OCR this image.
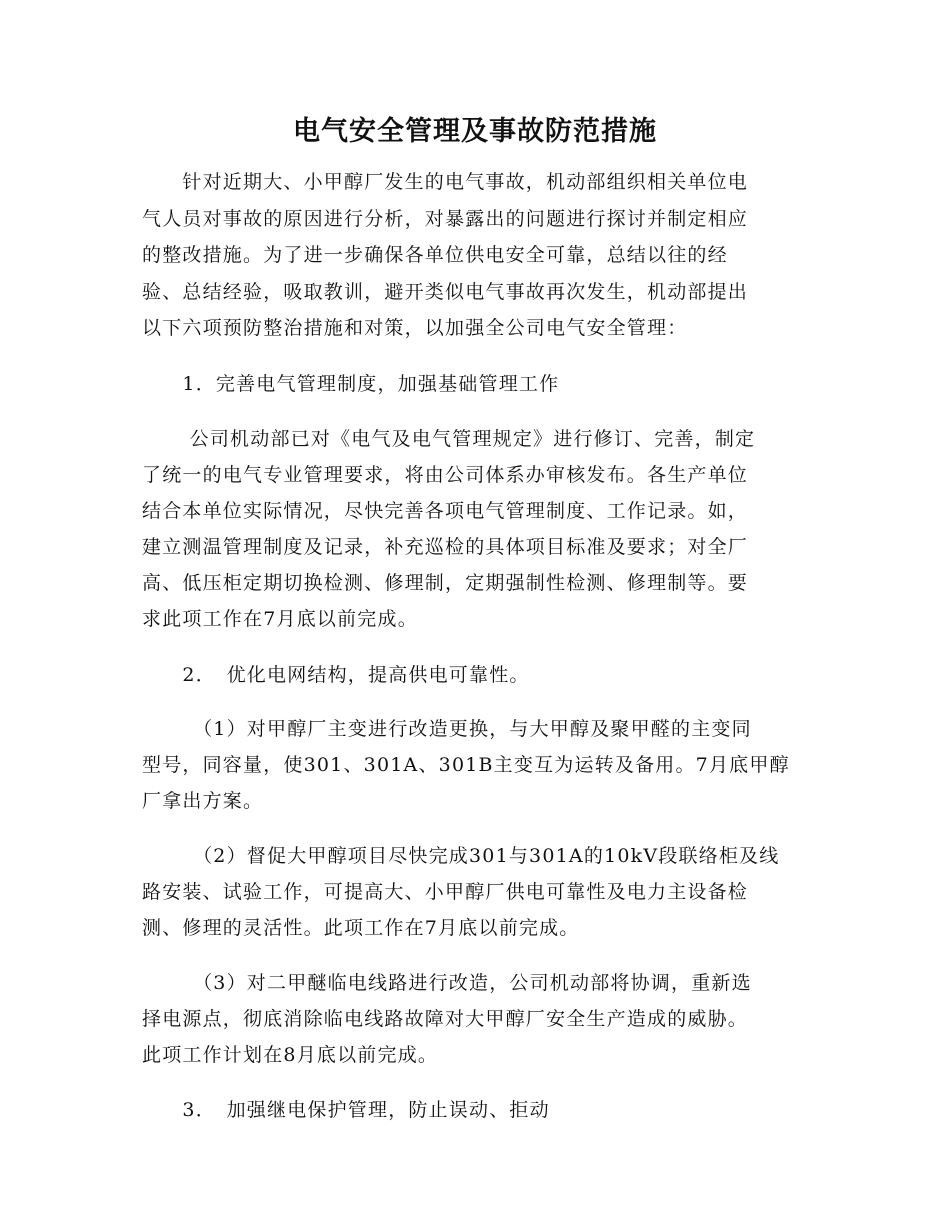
电气安全管理及事故防范措施
　　针对近期大、小甲醇厂发生的电气事故，机动部组织相关单位电
气人员对事故的原因进行分析，对暴露出的问题进行探讨并制定相应
的整改措施。为了进一步确保各单位供电安全可靠，总结以往的经
验、总结经验，吸取教训，避开类似电气事故再次发生，机动部提出
以下六项预防整治措施和对策，以加强全公司电气安全管理：
　　1．完善电气管理制度，加强基础管理工作
　　 公司机动部已对《电气及电气管理规定》进行修订、完善，制定
了统一的电气专业管理要求，将由公司体系办审核发布。各生产单位
结合本单位实际情况，尽快完善各项电气管理制度、工作记录。如，
建立测温管理制度及记录，补充巡检的具体项目标准及要求；对全厂
高、低压柜定期切换检测、修理制，定期强制性检测、修理制等。要
求此项工作在7月底以前完成。
　　2．　优化电网结构，提高供电可靠性。
　　　（1）对甲醇厂主变进行改造更换，与大甲醇及聚甲醛的主变同
型号，同容量，使301、301A、301B主变互为运转及备用。7月底甲醇
厂拿出方案。
　　　（2）督促大甲醇项目尽快完成301与301A的10kV段联络柜及线
路安装、试验工作，可提高大、小甲醇厂供电可靠性及电力主设备检
测、修理的灵活性。此项工作在7月底以前完成。
　　　（3）对二甲醚临电线路进行改造，公司机动部将协调，重新选
择电源点，彻底消除临电线路故障对大甲醇厂安全生产造成的威胁。
此项工作计划在8月底以前完成。
　　3．　加强继电保护管理，防止误动、拒动
